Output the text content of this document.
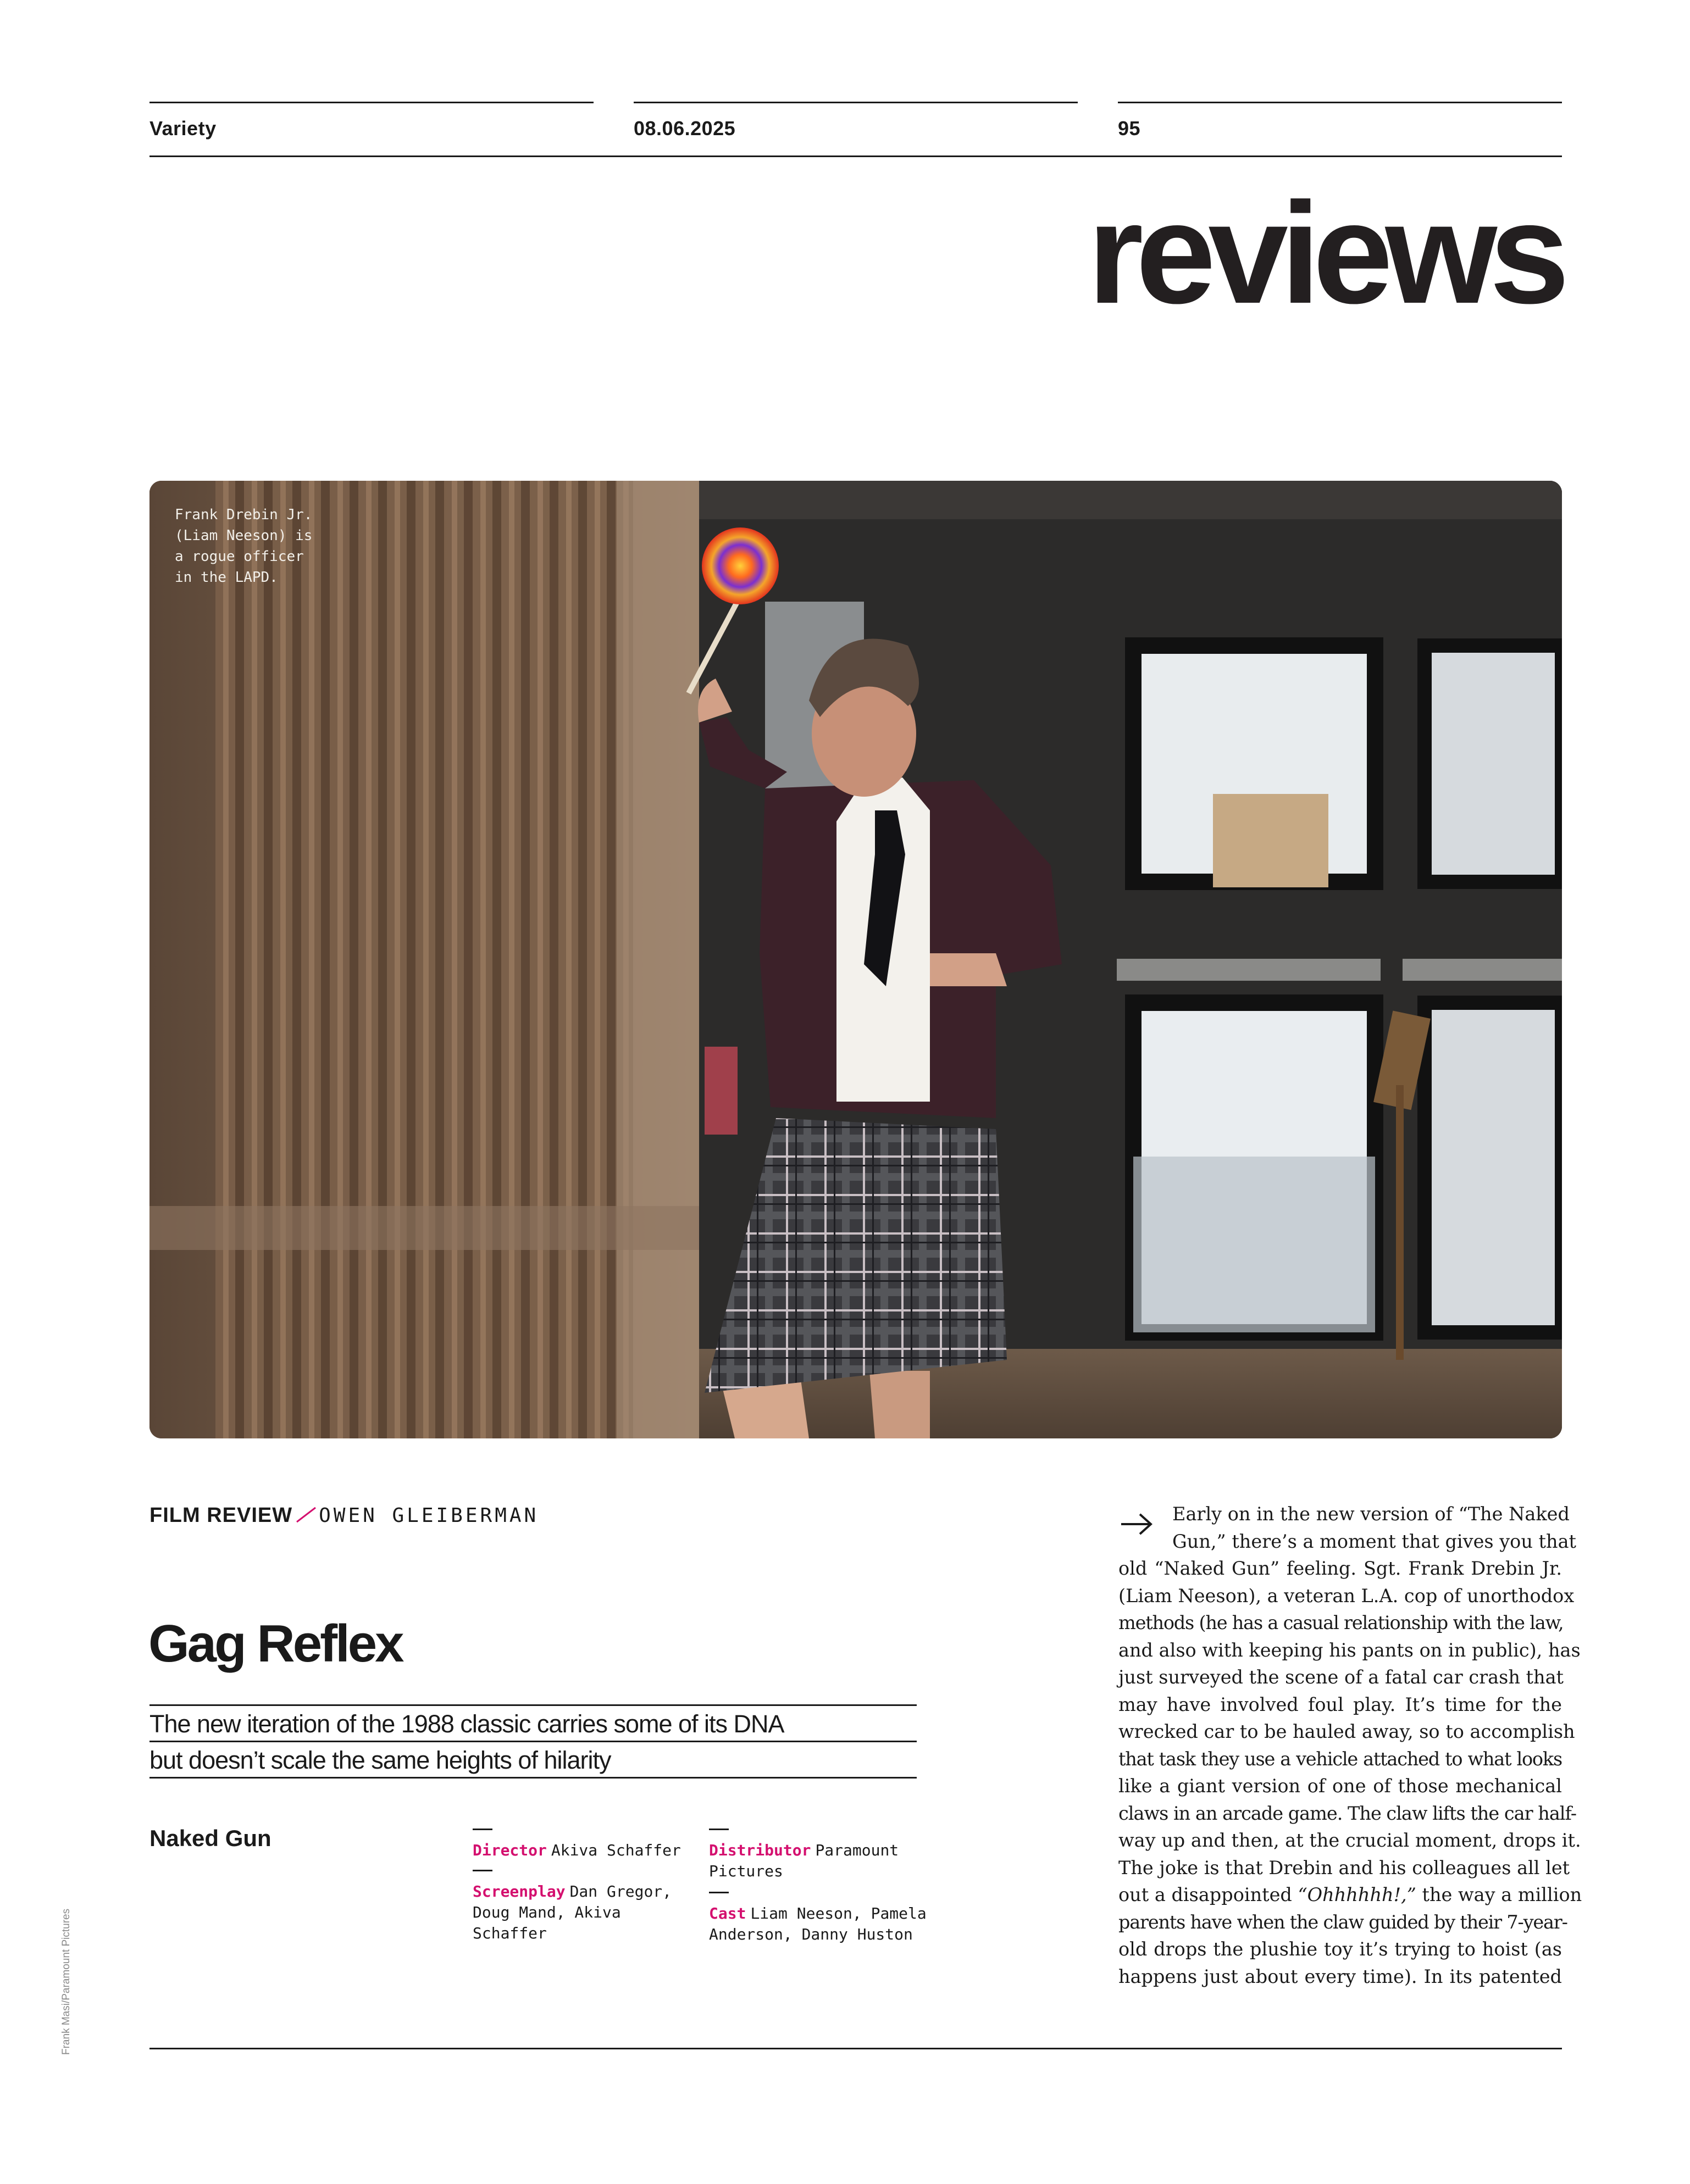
Variety	08.06.2025	95
reviews
Frank Drebin Jr.
(Liam Neeson) is
a rogue officer
in the LAPD.
FILM REVIEW OWEN GLEIBERMAN
Gag Reflex
The new iteration of the 1988 classic carries some of its DNA
but doesn’t scale the same heights of hilarity
Naked Gun	Director Akiva Schaffer
Screenplay Dan Gregor, Doug Mand, Akiva Schaffer
Distributor Paramount Pictures
Cast Liam Neeson, Pamela Anderson, Danny Huston
Early on in the new version of “The Naked
Gun,” there’s a moment that gives you that
old “Naked Gun” feeling. Sgt. Frank Drebin Jr.
(Liam Neeson), a veteran L.A. cop of unorthodox
methods (he has a casual relationship with the law,
and also with keeping his pants on in public), has
just surveyed the scene of a fatal car crash that
may have involved foul play. It’s time for the
wrecked car to be hauled away, so to accomplish
that task they use a vehicle attached to what looks
like a giant version of one of those mechanical
claws in an arcade game. The claw lifts the car half-
way up and then, at the crucial moment, drops it.
The joke is that Drebin and his colleagues all let
out a disappointed “Ohhhhhh!,” the way a million
parents have when the claw guided by their 7-year-
old drops the plushie toy it’s trying to hoist (as
happens just about every time). In its patented
Frank Masi/Paramount Pictures
